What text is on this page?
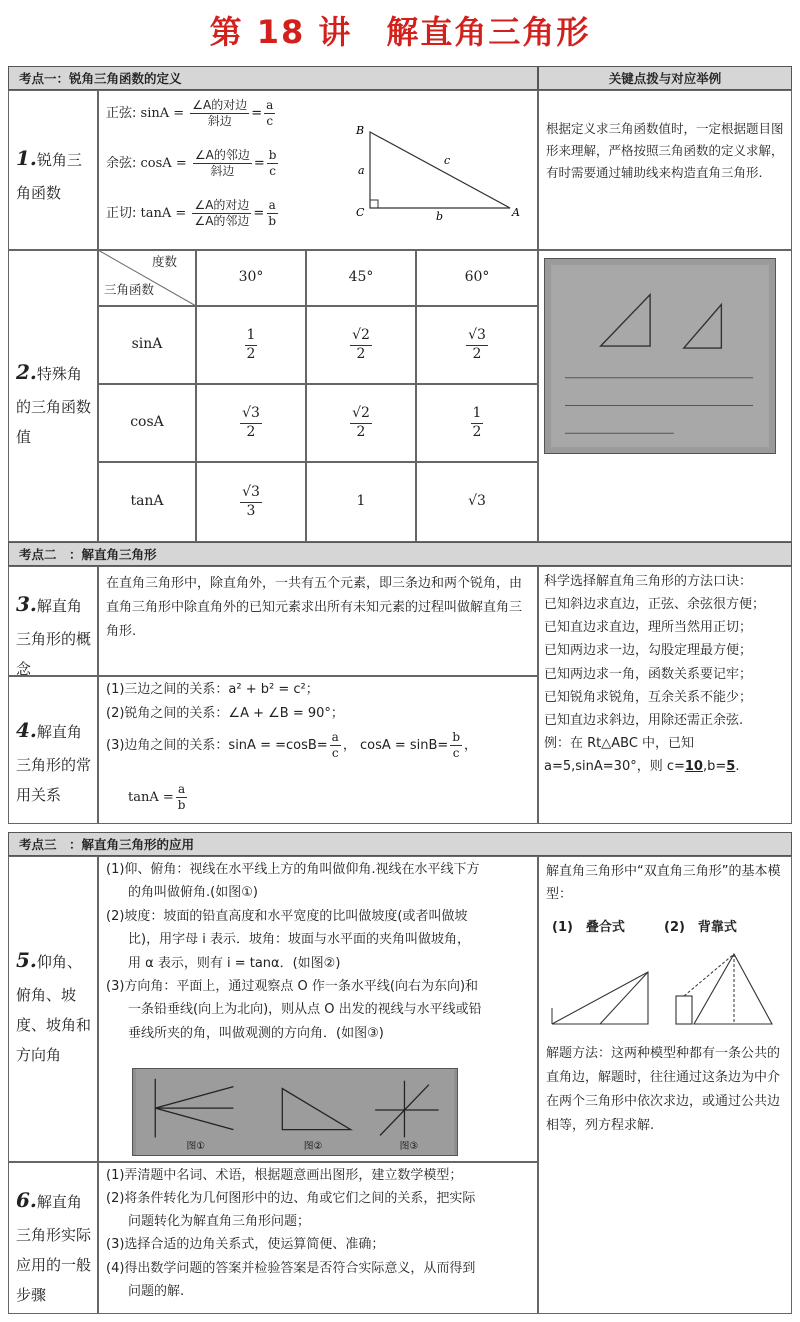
第 18 讲　解直角三角形
考点一：锐角三角函数的定义	关键点拨与对应举例
1.锐角三角函数
正弦: $\sin A = \frac{\text{∠A的对边}}{\text{斜边}} = \frac{a}{c}$
余弦: $\cos A = \frac{\text{∠A的邻边}}{\text{斜边}} = \frac{b}{c}$
正切: $\tan A = \frac{\text{∠A的对边}}{\text{∠A的邻边}} = \frac{a}{b}$
B
C	A
a
b
c
根据定义求三角函数值时，一定根据题目图形来理解，严格按照三角函数的定义求解，有时需要通过辅助线来构造直角三角形.
2.特殊角的三角函数值
度数
三角函数
30°	45°	60°
sinA	$\frac{1}{2}$	$\frac{√2}{2}$	$\frac{√3}{2}$
cosA	$\frac{√3}{2}$	$\frac{√2}{2}$	$\frac{1}{2}$
tanA	$\frac{√3}{3}$	1	√3
考点二　：解直角三角形
3.解直角三角形的概念
在直角三角形中，除直角外，一共有五个元素，即三条边和两个锐角，由直角三角形中除直角外的已知元素求出所有未知元素的过程叫做解直角三角形.
4.解直角三角形的常用关系
(1)三边之间的关系：a² + b² = c²；
(2)锐角之间的关系：∠A + ∠B = 90°；
(3)边角之间的关系：$\sin A = =\cos B= \frac{a}{c}$ ， $\cos A = \sin B= \frac{b}{c}$ ，
$\tan A = \frac{a}{b}$
科学选择解直角三角形的方法口诀：
已知斜边求直边，正弦、余弦很方便；
已知直边求直边，理所当然用正切；
已知两边求一边，勾股定理最方便；
已知两边求一角，函数关系要记牢；
已知锐角求锐角，互余关系不能少；
已知直边求斜边，用除还需正余弦.
例：在 Rt△ABC 中，已知
a=5,sinA=30°，则 c=10,b=5.
考点三　：解直角三角形的应用
5.仰角、俯角、坡度、坡角和方向角
(1)仰、俯角：视线在水平线上方的角叫做仰角.视线在水平线下方
的角叫做俯角.(如图①)
(2)坡度：坡面的铅直高度和水平宽度的比叫做坡度(或者叫做坡
比)，用字母 i 表示．坡角：坡面与水平面的夹角叫做坡角，
用 α 表示，则有 i = tanα．(如图②)
(3)方向角：平面上，通过观察点 O 作一条水平线(向右为东向)和
一条铅垂线(向上为北向)，则从点 O 出发的视线与水平线或铅
垂线所夹的角，叫做观测的方向角．(如图③)
图①	图②	图③
6.解直角三角形实际应用的一般步骤
(1)弄清题中名词、术语，根据题意画出图形，建立数学模型；
(2)将条件转化为几何图形中的边、角或它们之间的关系，把实际
问题转化为解直角三角形问题；
(3)选择合适的边角关系式，使运算简便、准确；
(4)得出数学问题的答案并检验答案是否符合实际意义，从而得到
问题的解.
解直角三角形中“双直角三角形”的基本模型：
(1)　叠合式	(2)　背靠式
解题方法：这两种模型种都有一条公共的直角边，解题时，往往通过这条边为中介在两个三角形中依次求边，或通过公共边相等，列方程求解.
